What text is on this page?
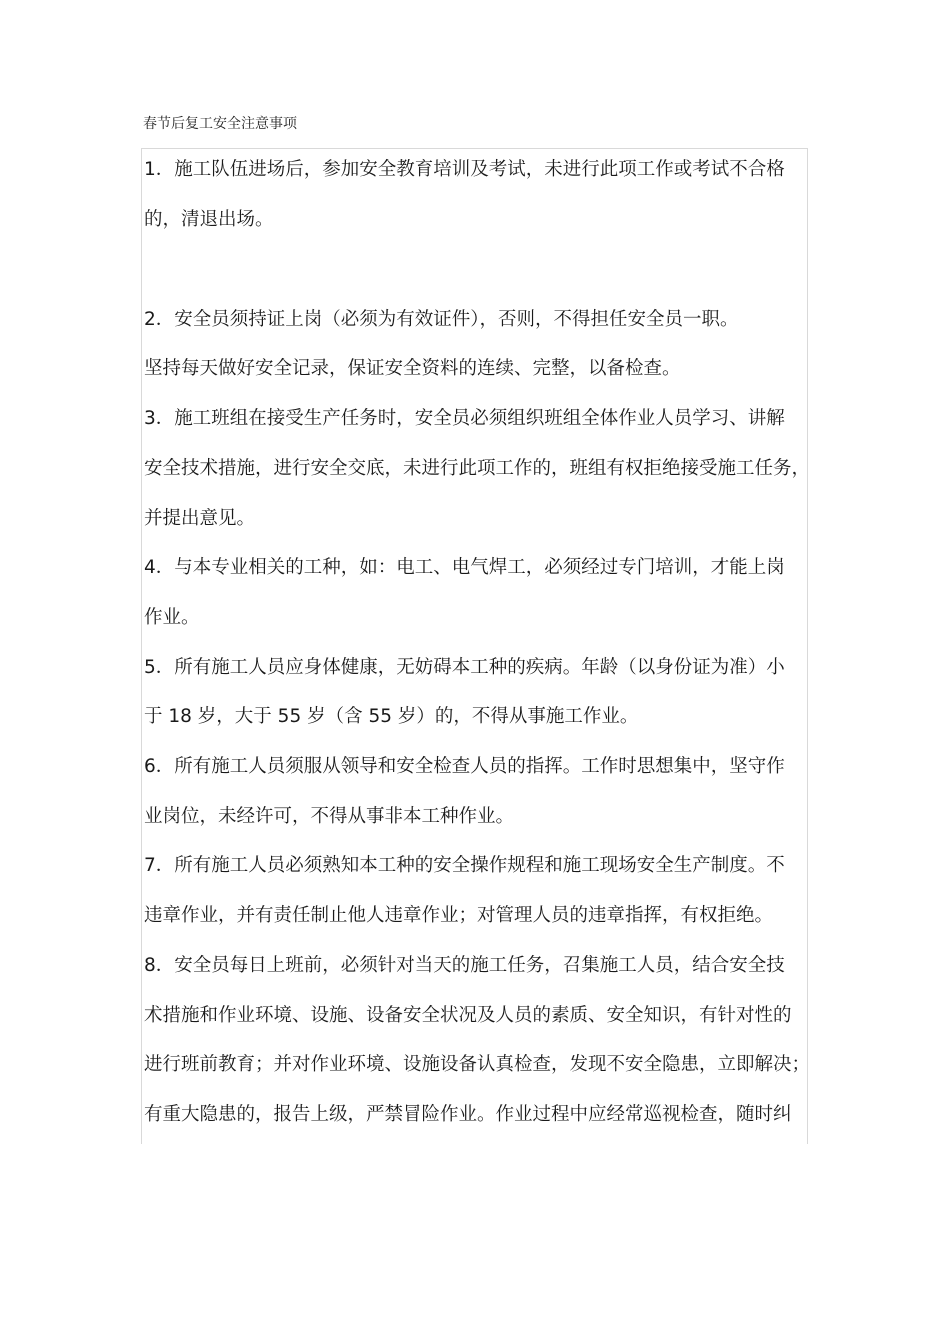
春节后复工安全注意事项
1．施工队伍进场后，参加安全教育培训及考试，未进行此项工作或考试不合格
的，清退出场。
2．安全员须持证上岗（必须为有效证件），否则，不得担任安全员一职。
坚持每天做好安全记录，保证安全资料的连续、完整，以备检查。
3．施工班组在接受生产任务时，安全员必须组织班组全体作业人员学习、讲解
安全技术措施，进行安全交底，未进行此项工作的，班组有权拒绝接受施工任务，
并提出意见。
4．与本专业相关的工种，如：电工、电气焊工，必须经过专门培训，才能上岗
作业。
5．所有施工人员应身体健康，无妨碍本工种的疾病。年龄（以身份证为准）小
于 18 岁，大于 55 岁（含 55 岁）的，不得从事施工作业。
6．所有施工人员须服从领导和安全检查人员的指挥。工作时思想集中，坚守作
业岗位，未经许可，不得从事非本工种作业。
7．所有施工人员必须熟知本工种的安全操作规程和施工现场安全生产制度。不
违章作业，并有责任制止他人违章作业；对管理人员的违章指挥，有权拒绝。
8．安全员每日上班前，必须针对当天的施工任务，召集施工人员，结合安全技
术措施和作业环境、设施、设备安全状况及人员的素质、安全知识，有针对性的
进行班前教育；并对作业环境、设施设备认真检查，发现不安全隐患，立即解决；
有重大隐患的，报告上级，严禁冒险作业。作业过程中应经常巡视检查，随时纠
